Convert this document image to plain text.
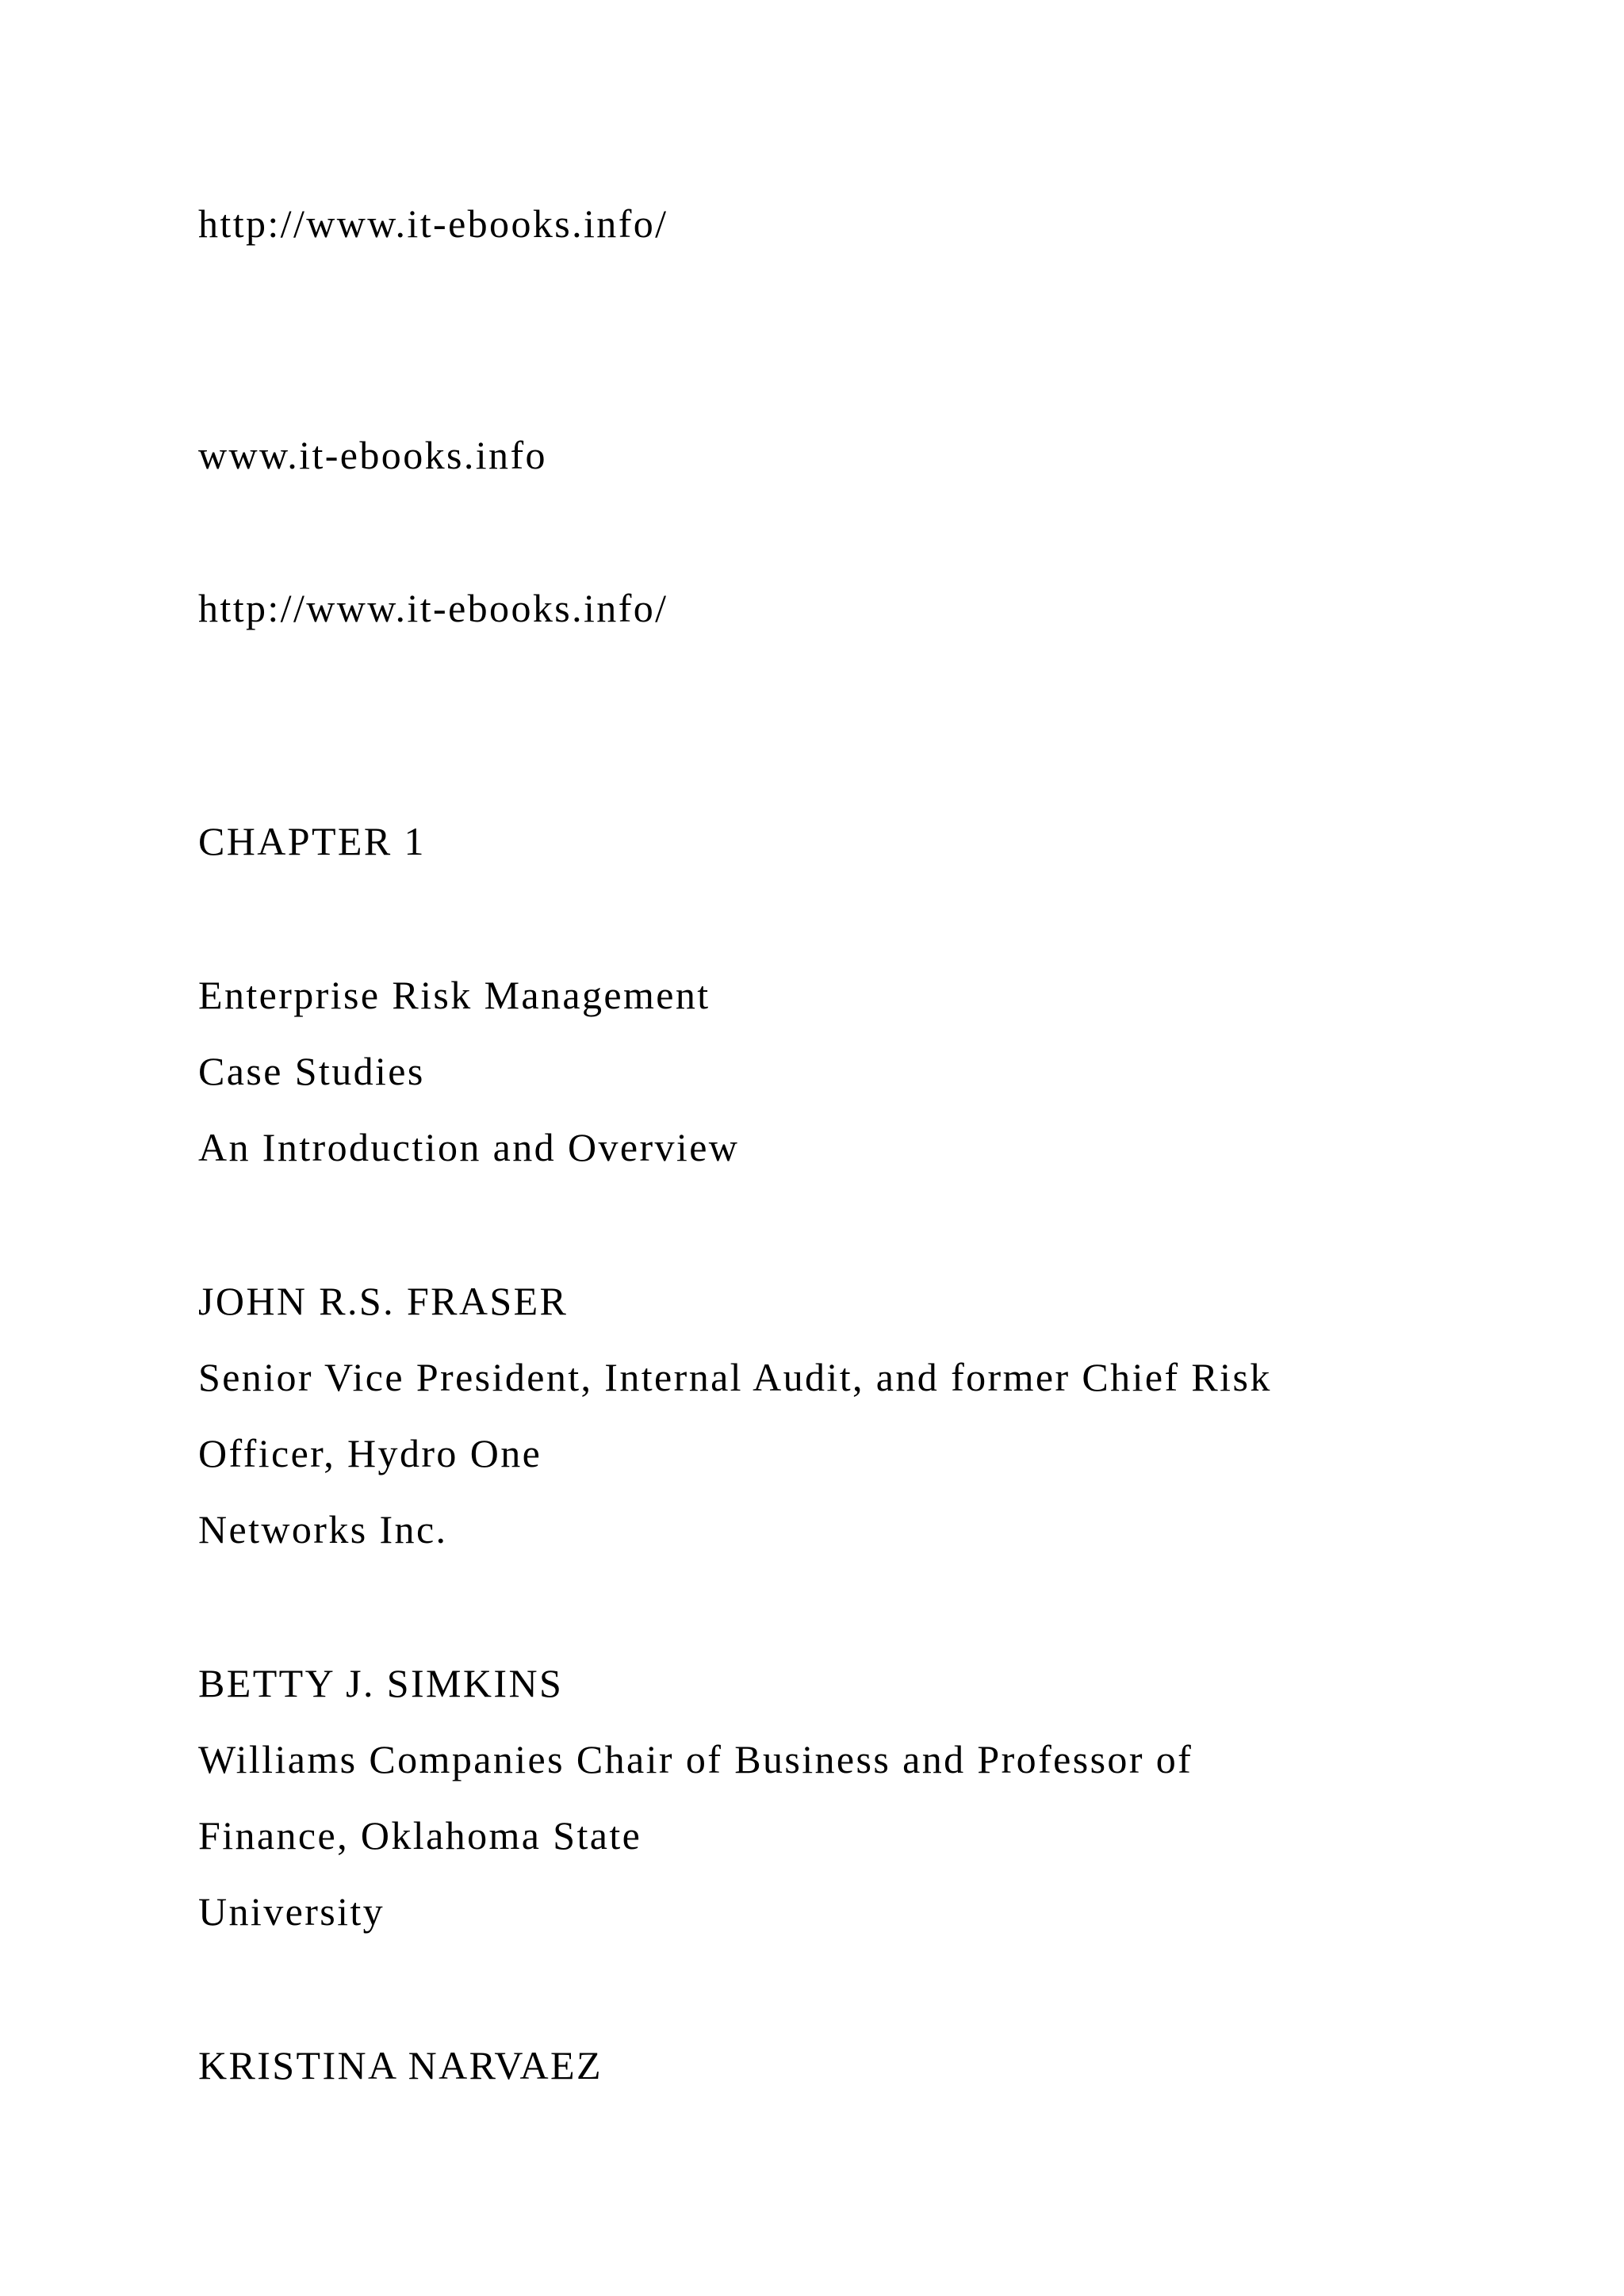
http://www.it-ebooks.info/

www.it-ebooks.info

http://www.it-ebooks.info/

CHAPTER 1

Enterprise Risk Management

Case Studies

An Introduction and Overview

JOHN R.S. FRASER

Senior Vice President, Internal Audit, and former Chief Risk

Officer, Hydro One

Networks Inc.

BETTY J. SIMKINS

Williams Companies Chair of Business and Professor of

Finance, Oklahoma State

University

KRISTINA NARVAEZ
